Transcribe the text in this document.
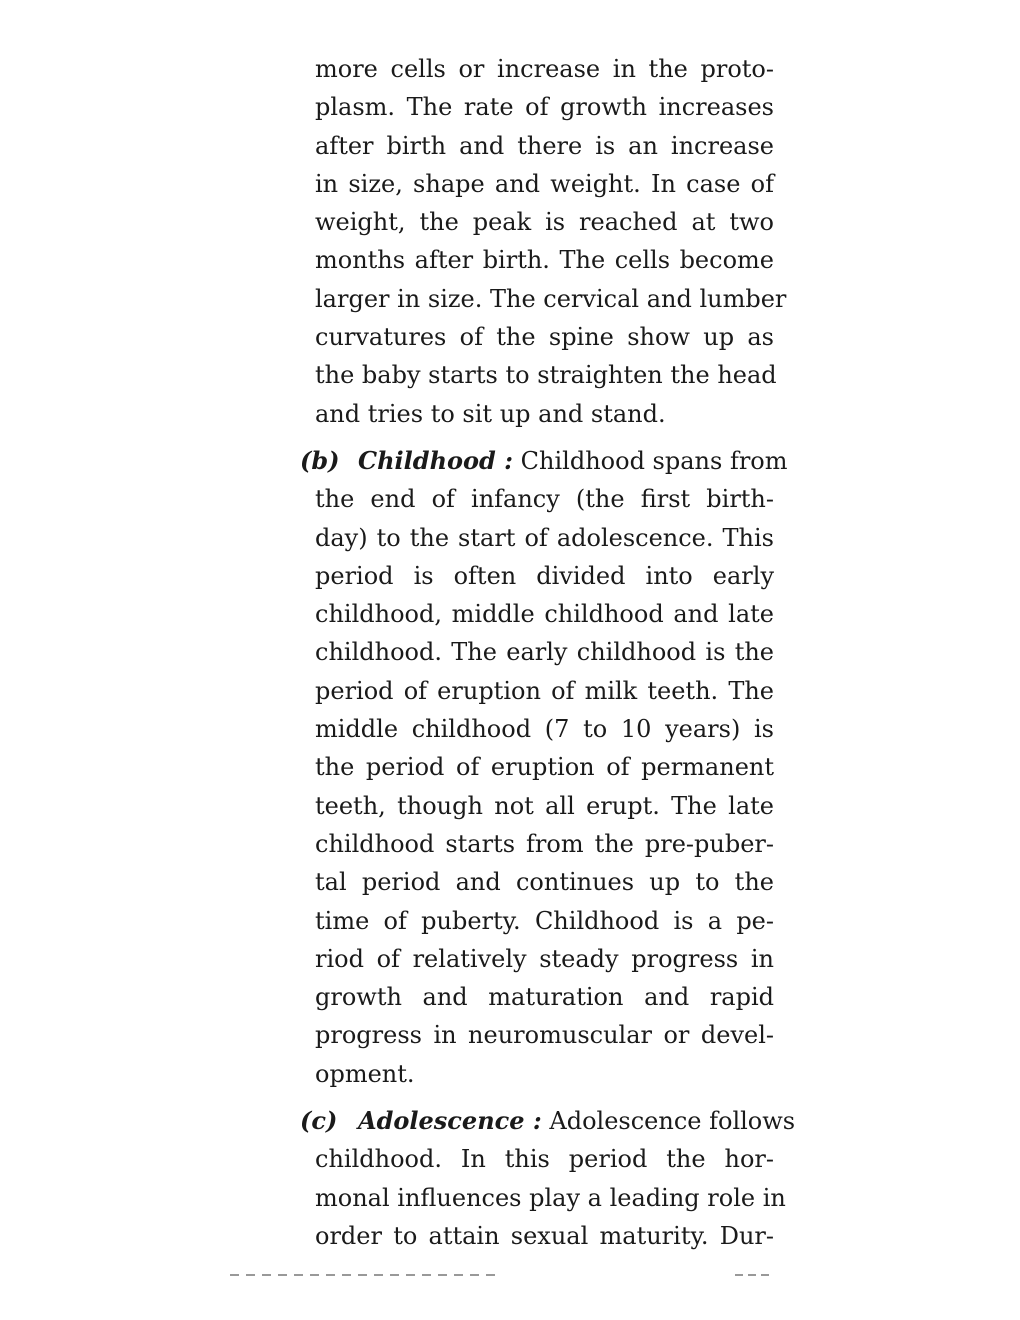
more cells or increase in the proto-
plasm. The rate of growth increases
after birth and there is an increase
in size, shape and weight. In case of
weight, the peak is reached at two
months after birth. The cells become
larger in size. The cervical and lumber
curvatures of the spine show up as
the baby starts to straighten the head
and tries to sit up and stand.
(b) Childhood : Childhood spans from
the end of infancy (the first birth-
day) to the start of adolescence. This
period is often divided into early
childhood, middle childhood and late
childhood. The early childhood is the
period of eruption of milk teeth. The
middle childhood (7 to 10 years) is
the period of eruption of permanent
teeth, though not all erupt. The late
childhood starts from the pre-puber-
tal period and continues up to the
time of puberty. Childhood is a pe-
riod of relatively steady progress in
growth and maturation and rapid
progress in neuromuscular or devel-
opment.
(c) Adolescence : Adolescence follows
childhood. In this period the hor-
monal influences play a leading role in
order to attain sexual maturity. Dur-
